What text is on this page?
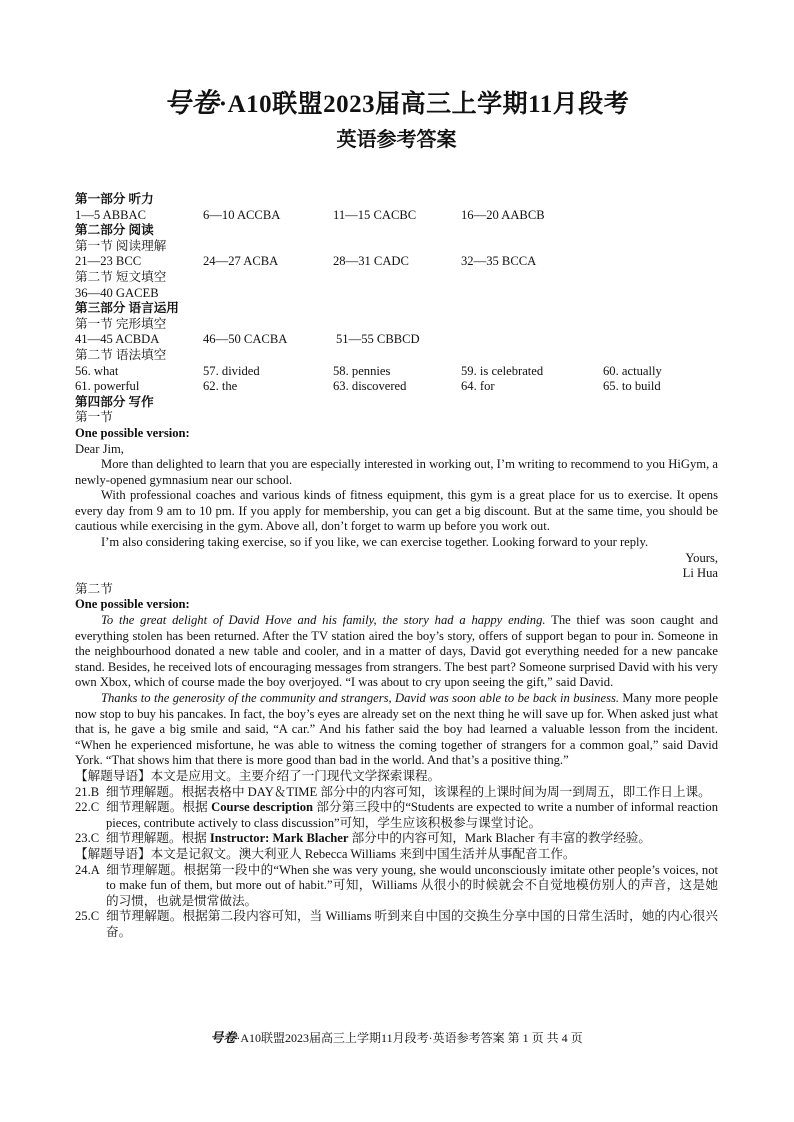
号卷·A10联盟2023届高三上学期11月段考
英语参考答案
第一部分 听力
1—5 ABBAC	6—10 ACCBA	11—15 CACBC	16—20 AABCB
第二部分 阅读
第一节 阅读理解
21—23 BCC	24—27 ACBA	28—31 CADC	32—35 BCCA
第二节 短文填空
36—40 GACEB
第三部分 语言运用
第一节 完形填空
41—45 ACBDA	46—50 CACBA	51—55 CBBCD
第二节 语法填空
56. what	57. divided	58. pennies	59. is celebrated	60. actually
61. powerful	62. the	63. discovered	64. for	65. to build
第四部分 写作
第一节
One possible version:
Dear Jim,

More than delighted to learn that you are especially interested in working out, I’m writing to recommend to you HiGym, a newly-opened gymnasium near our school.

With professional coaches and various kinds of fitness equipment, this gym is a great place for us to exercise. It opens every day from 9 am to 10 pm. If you apply for membership, you can get a big discount. But at the same time, you should be cautious while exercising in the gym. Above all, don’t forget to warm up before you work out.

I’m also considering taking exercise, so if you like, we can exercise together. Looking forward to your reply.

Yours,
Li Hua
第二节
One possible version:

To the great delight of David Hove and his family, the story had a happy ending. The thief was soon caught and everything stolen has been returned. After the TV station aired the boy’s story, offers of support began to pour in. Someone in the neighbourhood donated a new table and cooler, and in a matter of days, David got everything needed for a new pancake stand. Besides, he received lots of encouraging messages from strangers. The best part? Someone surprised David with his very own Xbox, which of course made the boy overjoyed. “I was about to cry upon seeing the gift,” said David.

Thanks to the generosity of the community and strangers, David was soon able to be back in business. Many more people now stop to buy his pancakes. In fact, the boy’s eyes are already set on the next thing he will save up for. When asked just what that is, he gave a big smile and said, “A car.” And his father said the boy had learned a valuable lesson from the incident. “When he experienced misfortune, he was able to witness the coming together of strangers for a common goal,” said David York. “That shows him that there is more good than bad in the world. And that’s a positive thing.”

【解题导语】本文是应用文。主要介绍了一门现代文学探索课程。
21.B 细节理解题。根据表格中 DAY＆TIME 部分中的内容可知，该课程的上课时间为周一到周五，即工作日上课。
22.C 细节理解题。根据 Course description 部分第三段中的“Students are expected to write a number of informal reaction pieces, contribute actively to class discussion”可知，学生应该积极参与课堂讨论。
23.C 细节理解题。根据 Instructor: Mark Blacher 部分中的内容可知，Mark Blacher 有丰富的教学经验。
【解题导语】本文是记叙文。澳大利亚人 Rebecca Williams 来到中国生活并从事配音工作。
24.A 细节理解题。根据第一段中的“When she was very young, she would unconsciously imitate other people’s voices, not to make fun of them, but more out of habit.”可知，Williams 从很小的时候就会不自觉地模仿别人的声音，这是她的习惯，也就是惯常做法。
25.C 细节理解题。根据第二段内容可知，当 Williams 听到来自中国的交换生分享中国的日常生活时，她的内心很兴奋。
号卷·A10联盟2023届高三上学期11月段考·英语参考答案 第 1 页 共 4 页
